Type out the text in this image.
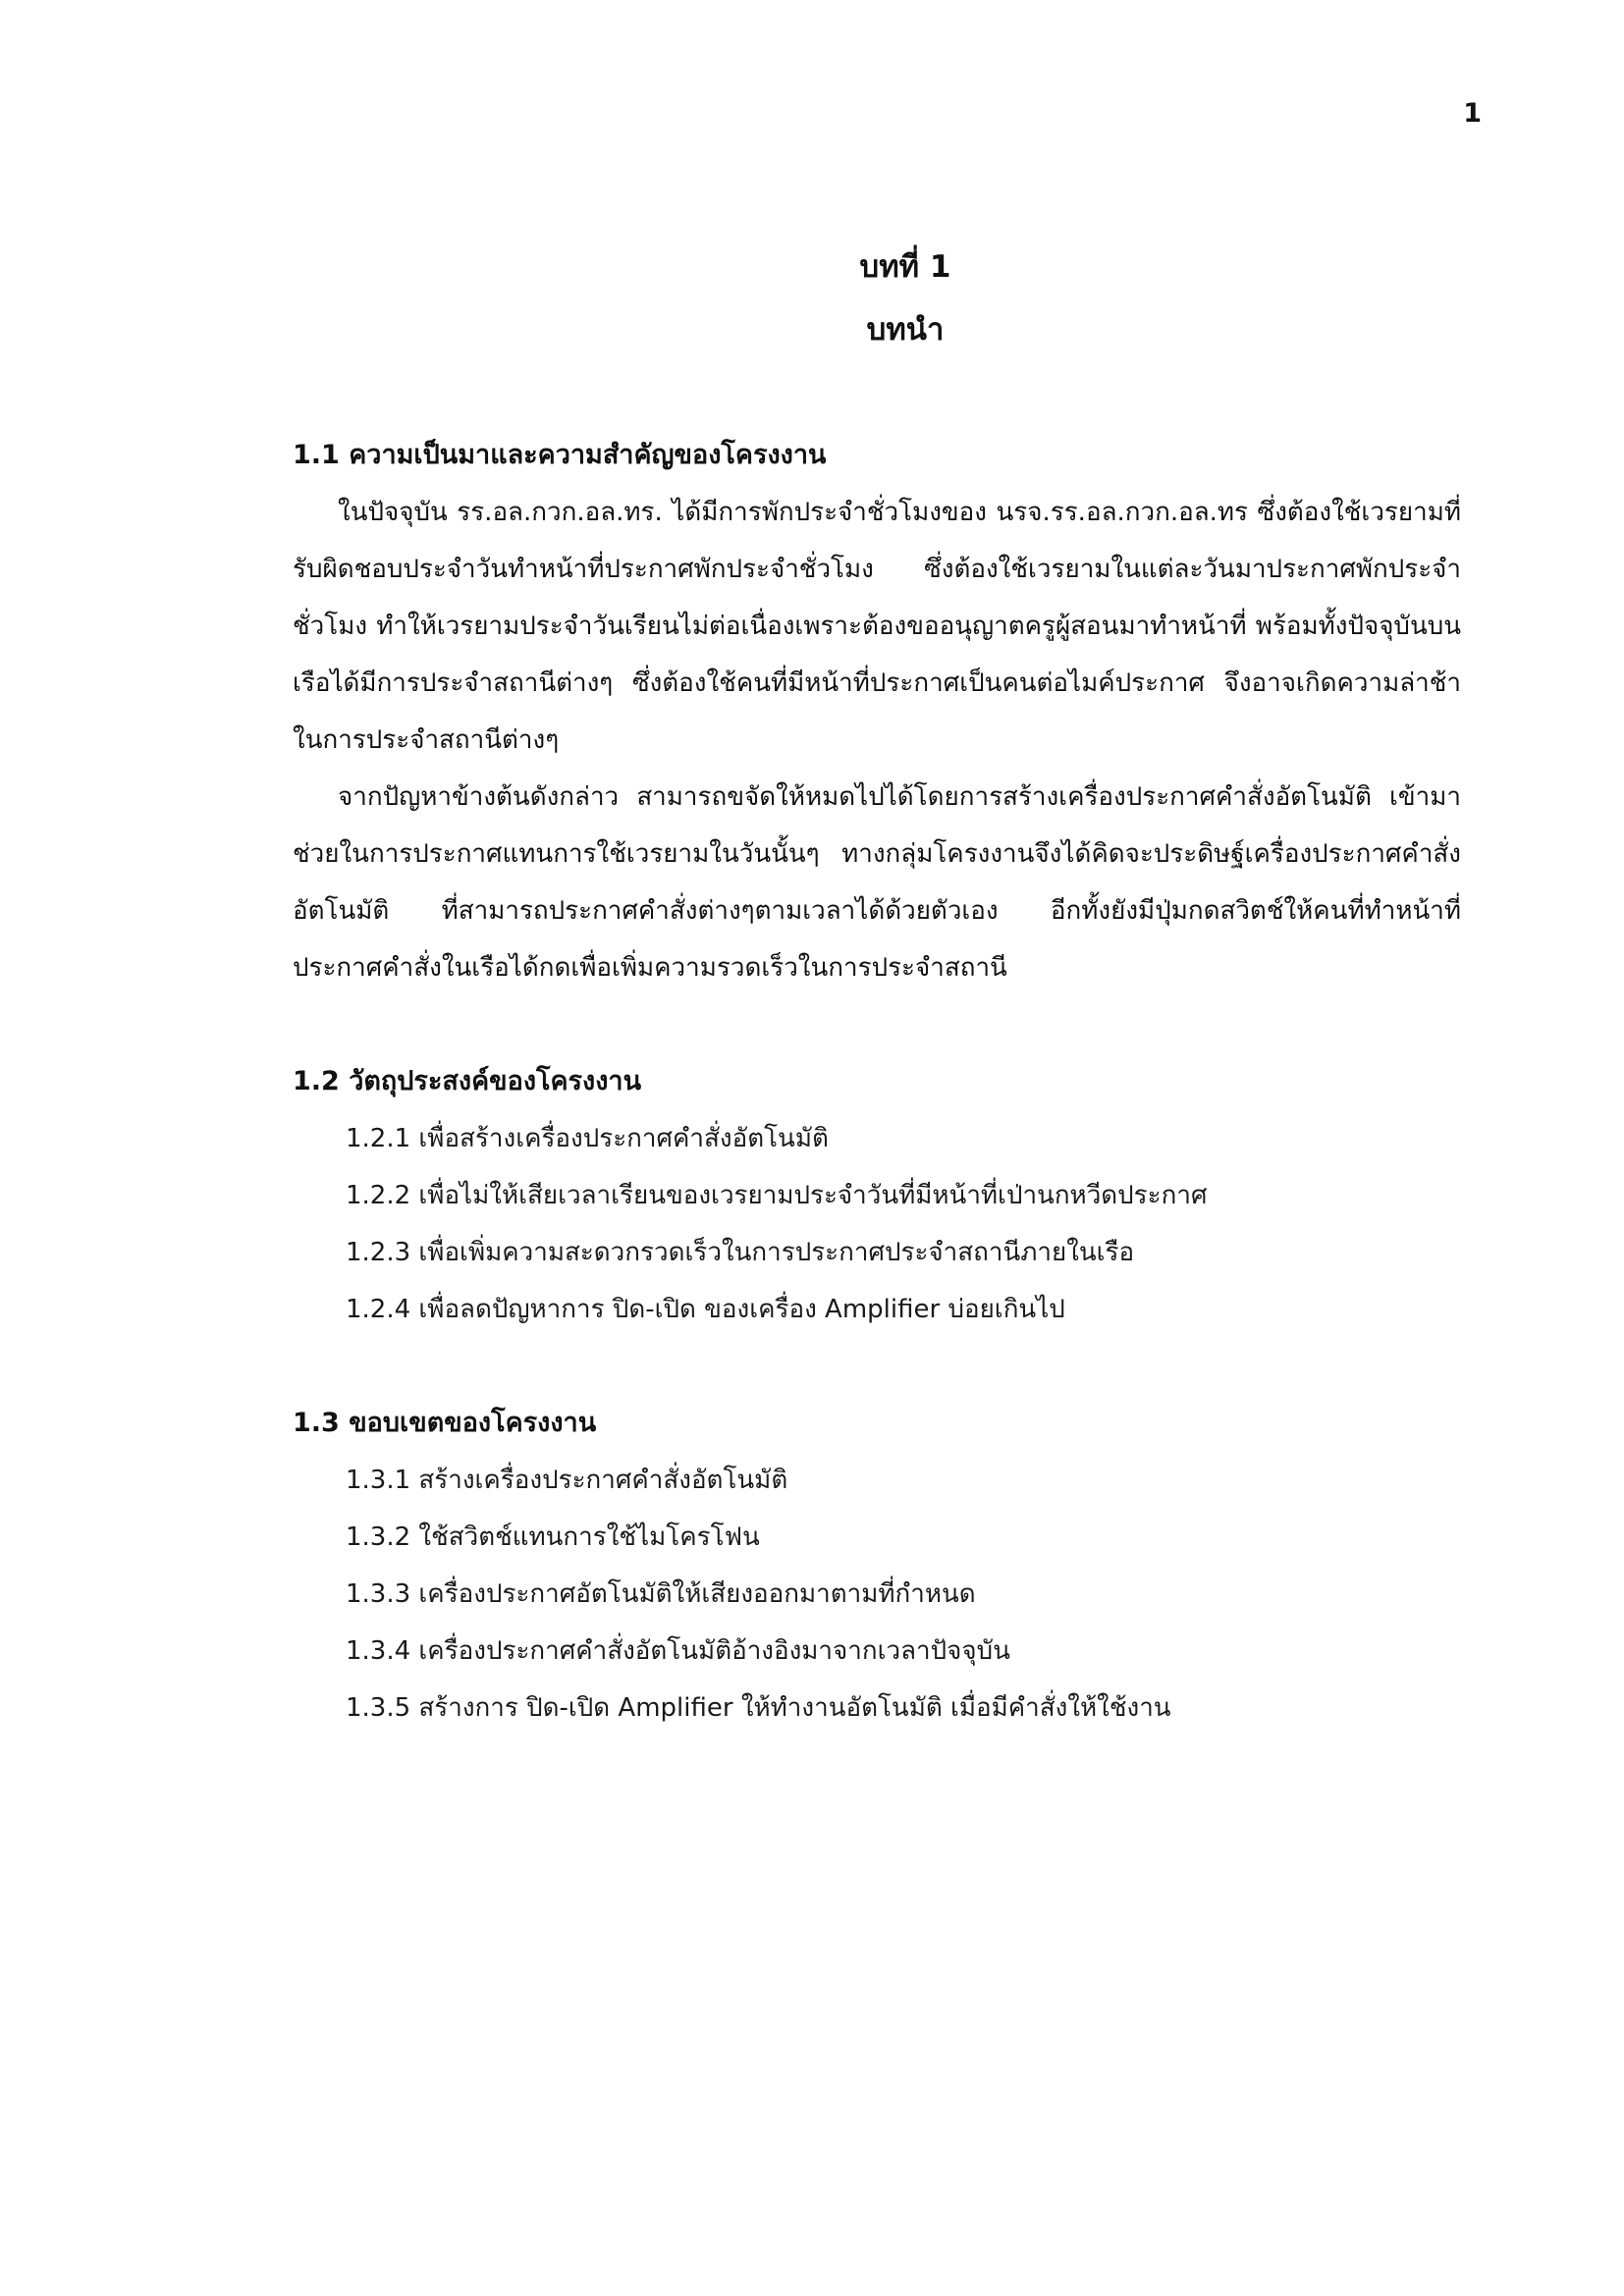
1
บทที่ 1
บทนำ
1.1 ความเป็นมาและความสำคัญของโครงงาน

ในปัจจุบัน รร.อล.กวก.อล.ทร. ได้มีการพักประจำชั่วโมงของ นรจ.รร.อล.กวก.อล.ทร ซึ่งต้องใช้เวรยามที่รับผิดชอบประจำวันทำหน้าที่ประกาศพักประจำชั่วโมง ซึ่งต้องใช้เวรยามในแต่ละวันมาประกาศพักประจำชั่วโมง ทำให้เวรยามประจำวันเรียนไม่ต่อเนื่องเพราะต้องขออนุญาตครูผู้สอนมาทำหน้าที่ พร้อมทั้งปัจจุบันบนเรือได้มีการประจำสถานีต่างๆ ซึ่งต้องใช้คนที่มีหน้าที่ประกาศเป็นคนต่อไมค์ประกาศ จึงอาจเกิดความล่าช้าในการประจำสถานีต่างๆ

จากปัญหาข้างต้นดังกล่าว สามารถขจัดให้หมดไปได้โดยการสร้างเครื่องประกาศคำสั่งอัตโนมัติ เข้ามาช่วยในการประกาศแทนการใช้เวรยามในวันนั้นๆ ทางกลุ่มโครงงานจึงได้คิดจะประดิษฐ์เครื่องประกาศคำสั่งอัตโนมัติ ที่สามารถประกาศคำสั่งต่างๆตามเวลาได้ด้วยตัวเอง อีกทั้งยังมีปุ่มกดสวิตช์ให้คนที่ทำหน้าที่ประกาศคำสั่งในเรือได้กดเพื่อเพิ่มความรวดเร็วในการประจำสถานี

1.2 วัตถุประสงค์ของโครงงาน
1.2.1 เพื่อสร้างเครื่องประกาศคำสั่งอัตโนมัติ
1.2.2 เพื่อไม่ให้เสียเวลาเรียนของเวรยามประจำวันที่มีหน้าที่เป่านกหวีดประกาศ
1.2.3 เพื่อเพิ่มความสะดวกรวดเร็วในการประกาศประจำสถานีภายในเรือ
1.2.4 เพื่อลดปัญหาการ ปิด-เปิด ของเครื่อง Amplifier บ่อยเกินไป
1.3 ขอบเขตของโครงงาน
1.3.1 สร้างเครื่องประกาศคำสั่งอัตโนมัติ
1.3.2 ใช้สวิตช์แทนการใช้ไมโครโฟน
1.3.3 เครื่องประกาศอัตโนมัติให้เสียงออกมาตามที่กำหนด
1.3.4 เครื่องประกาศคำสั่งอัตโนมัติอ้างอิงมาจากเวลาปัจจุบัน
1.3.5 สร้างการ ปิด-เปิด Amplifier ให้ทำงานอัตโนมัติ เมื่อมีคำสั่งให้ใช้งาน
